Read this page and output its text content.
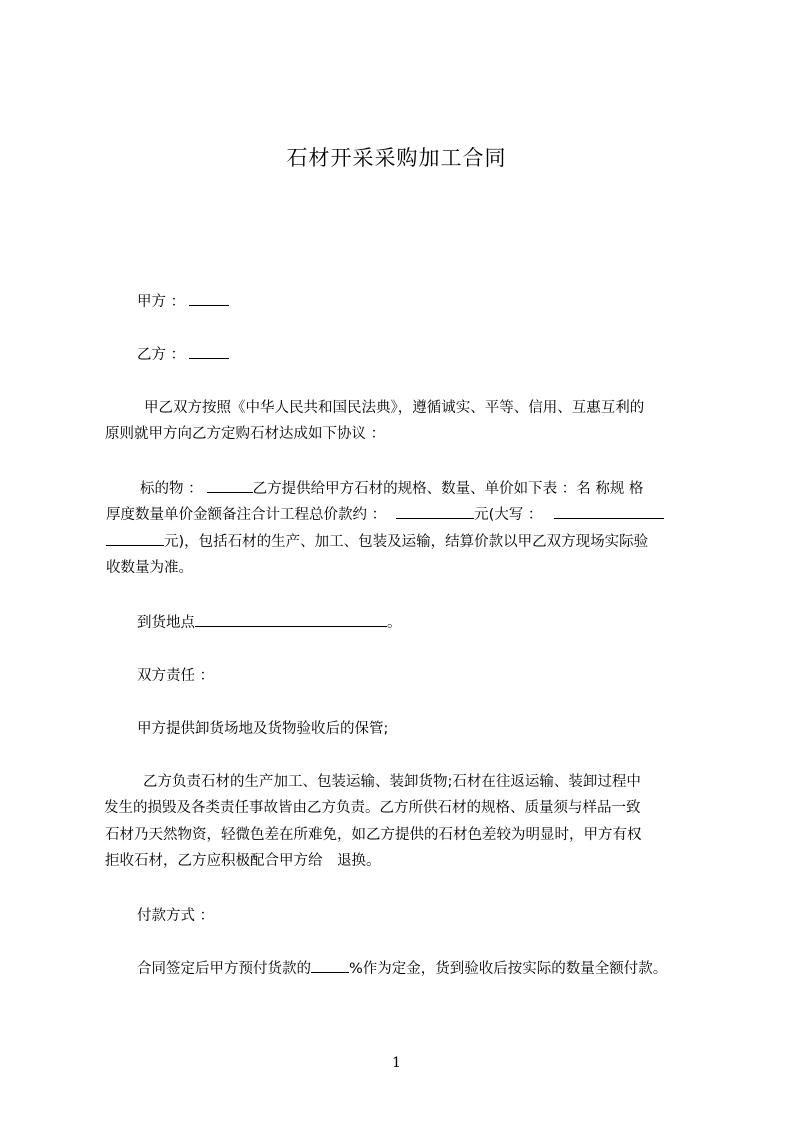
石材开采采购加工合同
甲方 ：
乙方 ：
甲乙双方按照《中华人民共和国民法典》，遵循诚实、平等、信用、互惠互利的
原则就甲方向乙方定购石材达成如下协议 ：
标的物 ：	乙方提供给甲方石材的规格、数量、单价如下表 ：名 称规 格
厚度数量单价金额备注合计工程总价款约 ：	元(大写 ：
元)，包括石材的生产、加工、包装及运输，结算价款以甲乙双方现场实际验
收数量为准。
到货地点	。
双方责任 ：
甲方提供卸货场地及货物验收后的保管;
乙方负责石材的生产加工、包装运输、装卸货物;石材在往返运输、装卸过程中
发生的损毁及各类责任事故皆由乙方负责。乙方所供石材的规格、质量须与样品一致
石材乃天然物资，轻微色差在所难免，如乙方提供的石材色差较为明显时，甲方有权
拒收石材，乙方应积极配合甲方给　退换。
付款方式 ：
合同签定后甲方预付货款的	%作为定金，货到验收后按实际的数量全额付款。
1
